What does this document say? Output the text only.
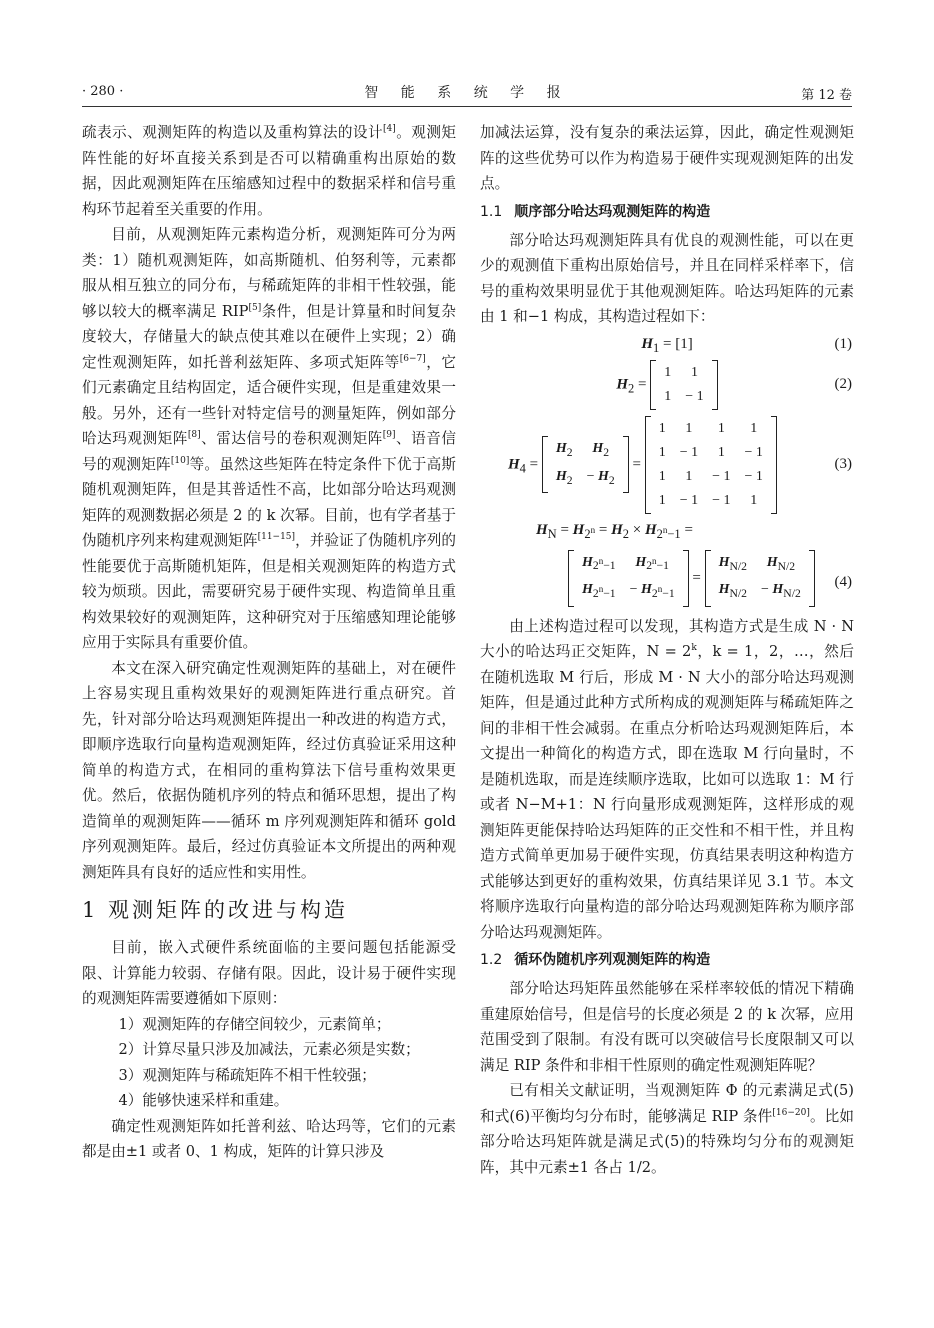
· 280 ·	智 能 系 统 学 报	第 12 卷

疏表示、观测矩阵的构造以及重构算法的设计[4]。观测矩阵性能的好坏直接关系到是否可以精确重构出原始的数据，因此观测矩阵在压缩感知过程中的数据采样和信号重构环节起着至关重要的作用。

目前，从观测矩阵元素构造分析，观测矩阵可分为两类：1）随机观测矩阵，如高斯随机、伯努利等，元素都服从相互独立的同分布，与稀疏矩阵的非相干性较强，能够以较大的概率满足 RIP[5]条件，但是计算量和时间复杂度较大，存储量大的缺点使其难以在硬件上实现；2）确定性观测矩阵，如托普利兹矩阵、多项式矩阵等[6−7]，它们元素确定且结构固定，适合硬件实现，但是重建效果一般。另外，还有一些针对特定信号的测量矩阵，例如部分哈达玛观测矩阵[8]、雷达信号的卷积观测矩阵[9]、语音信号的观测矩阵[10]等。虽然这些矩阵在特定条件下优于高斯随机观测矩阵，但是其普适性不高，比如部分哈达玛观测矩阵的观测数据必须是 2 的 k 次幂。目前，也有学者基于伪随机序列来构建观测矩阵[11−15]，并验证了伪随机序列的性能要优于高斯随机矩阵，但是相关观测矩阵的构造方式较为烦琐。因此，需要研究易于硬件实现、构造简单且重构效果较好的观测矩阵，这种研究对于压缩感知理论能够应用于实际具有重要价值。

本文在深入研究确定性观测矩阵的基础上，对在硬件上容易实现且重构效果好的观测矩阵进行重点研究。首先，针对部分哈达玛观测矩阵提出一种改进的构造方式，即顺序选取行向量构造观测矩阵，经过仿真验证采用这种简单的构造方式，在相同的重构算法下信号重构效果更优。然后，依据伪随机序列的特点和循环思想，提出了构造简单的观测矩阵——循环 m 序列观测矩阵和循环 gold 序列观测矩阵。最后，经过仿真验证本文所提出的两种观测矩阵具有良好的适应性和实用性。

1 观测矩阵的改进与构造

目前，嵌入式硬件系统面临的主要问题包括能源受限、计算能力较弱、存储有限。因此，设计易于硬件实现的观测矩阵需要遵循如下原则：

1）观测矩阵的存储空间较少，元素简单；

2）计算尽量只涉及加减法，元素必须是实数；

3）观测矩阵与稀疏矩阵不相干性较强；

4）能够快速采样和重建。

确定性观测矩阵如托普利兹、哈达玛等，它们的元素都是由±1 或者 0、1 构成，矩阵的计算只涉及

加减法运算，没有复杂的乘法运算，因此，确定性观测矩阵的这些优势可以作为构造易于硬件实现观测矩阵的出发点。

1.1 顺序部分哈达玛观测矩阵的构造

部分哈达玛观测矩阵具有优良的观测性能，可以在更少的观测值下重构出原始信号，并且在同样采样率下，信号的重构效果明显优于其他观测矩阵。哈达玛矩阵的元素由 1 和−1 构成，其构造过程如下：

$H_1 = [1]$	(1)
$H_2$ =
1	1
1	− 1
(2)
$H_4$ =
$H_2$	$H_2$
$H_2$	− $H_2$
=
1	1	1	1
1	− 1	1	− 1
1	1	− 1	− 1
1	− 1	− 1	1
(3)
$H_N = H_{2^n} = H_2 \times H_{2^n-1}$ =
$H_{2^n-1}$	$H_{2^n-1}$
$H_{2^n-1}$	− $H_{2^n-1}$
=
$H_{N/2}$	$H_{N/2}$
$H_{N/2}$	− $H_{N/2}$
(4)

由上述构造过程可以发现，其构造方式是生成 N · N 大小的哈达玛正交矩阵，$N = 2^k$，k = 1，2，…，然后在随机选取 M 行后，形成 M · N 大小的部分哈达玛观测矩阵，但是通过此种方式所构成的观测矩阵与稀疏矩阵之间的非相干性会减弱。在重点分析哈达玛观测矩阵后，本文提出一种简化的构造方式，即在选取 M 行向量时，不是随机选取，而是连续顺序选取，比如可以选取 1：M 行或者 N−M+1：N 行向量形成观测矩阵，这样形成的观测矩阵更能保持哈达玛矩阵的正交性和不相干性，并且构造方式简单更加易于硬件实现，仿真结果表明这种构造方式能够达到更好的重构效果，仿真结果详见 3.1 节。本文将顺序选取行向量构造的部分哈达玛观测矩阵称为顺序部分哈达玛观测矩阵。

1.2 循环伪随机序列观测矩阵的构造

部分哈达玛矩阵虽然能够在采样率较低的情况下精确重建原始信号，但是信号的长度必须是 2 的 k 次幂，应用范围受到了限制。有没有既可以突破信号长度限制又可以满足 RIP 条件和非相干性原则的确定性观测矩阵呢？

已有相关文献证明，当观测矩阵 Φ 的元素满足式(5)和式(6)平衡均匀分布时，能够满足 RIP 条件[16−20]。比如部分哈达玛矩阵就是满足式(5)的特殊均匀分布的观测矩阵，其中元素±1 各占 1/2。
